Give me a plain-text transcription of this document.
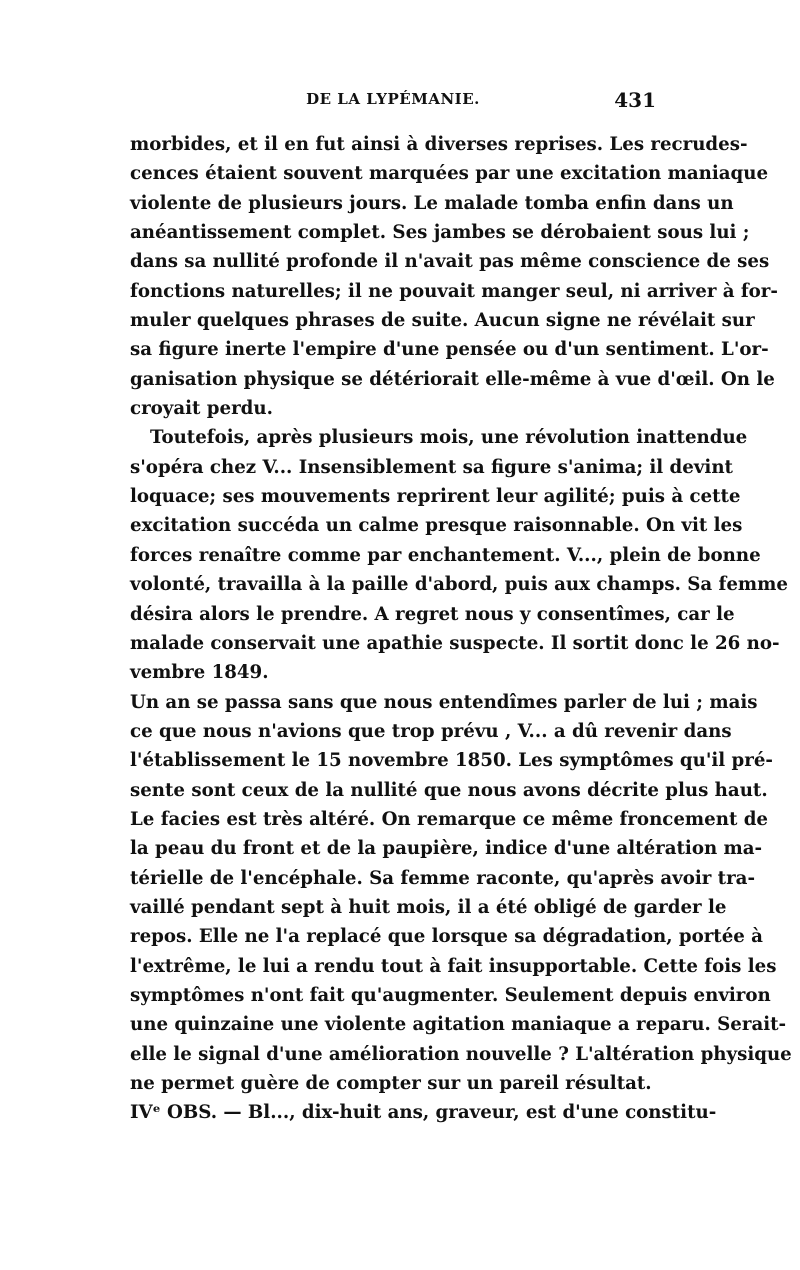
DE LA LYPÉMANIE.	431
morbides, et il en fut ainsi à diverses reprises. Les recrudes-
cences étaient souvent marquées par une excitation maniaque
violente de plusieurs jours. Le malade tomba enfin dans un
anéantissement complet. Ses jambes se dérobaient sous lui ;
dans sa nullité profonde il n'avait pas même conscience de ses
fonctions naturelles; il ne pouvait manger seul, ni arriver à for-
muler quelques phrases de suite. Aucun signe ne révélait sur
sa figure inerte l'empire d'une pensée ou d'un sentiment. L'or-
ganisation physique se détériorait elle-même à vue d'œil. On le
croyait perdu.
Toutefois, après plusieurs mois, une révolution inattendue
s'opéra chez V... Insensiblement sa figure s'anima; il devint
loquace; ses mouvements reprirent leur agilité; puis à cette
excitation succéda un calme presque raisonnable. On vit les
forces renaître comme par enchantement. V..., plein de bonne
volonté, travailla à la paille d'abord, puis aux champs. Sa femme
désira alors le prendre. A regret nous y consentîmes, car le
malade conservait une apathie suspecte. Il sortit donc le 26 no-
vembre 1849.
Un an se passa sans que nous entendîmes parler de lui ; mais
ce que nous n'avions que trop prévu , V... a dû revenir dans
l'établissement le 15 novembre 1850. Les symptômes qu'il pré-
sente sont ceux de la nullité que nous avons décrite plus haut.
Le facies est très altéré. On remarque ce même froncement de
la peau du front et de la paupière, indice d'une altération ma-
térielle de l'encéphale. Sa femme raconte, qu'après avoir tra-
vaillé pendant sept à huit mois, il a été obligé de garder le
repos. Elle ne l'a replacé que lorsque sa dégradation, portée à
l'extrême, le lui a rendu tout à fait insupportable. Cette fois les
symptômes n'ont fait qu'augmenter. Seulement depuis environ
une quinzaine une violente agitation maniaque a reparu. Serait-
elle le signal d'une amélioration nouvelle ? L'altération physique
ne permet guère de compter sur un pareil résultat.
IVᵉ OBS. — Bl..., dix-huit ans, graveur, est d'une constitu-
